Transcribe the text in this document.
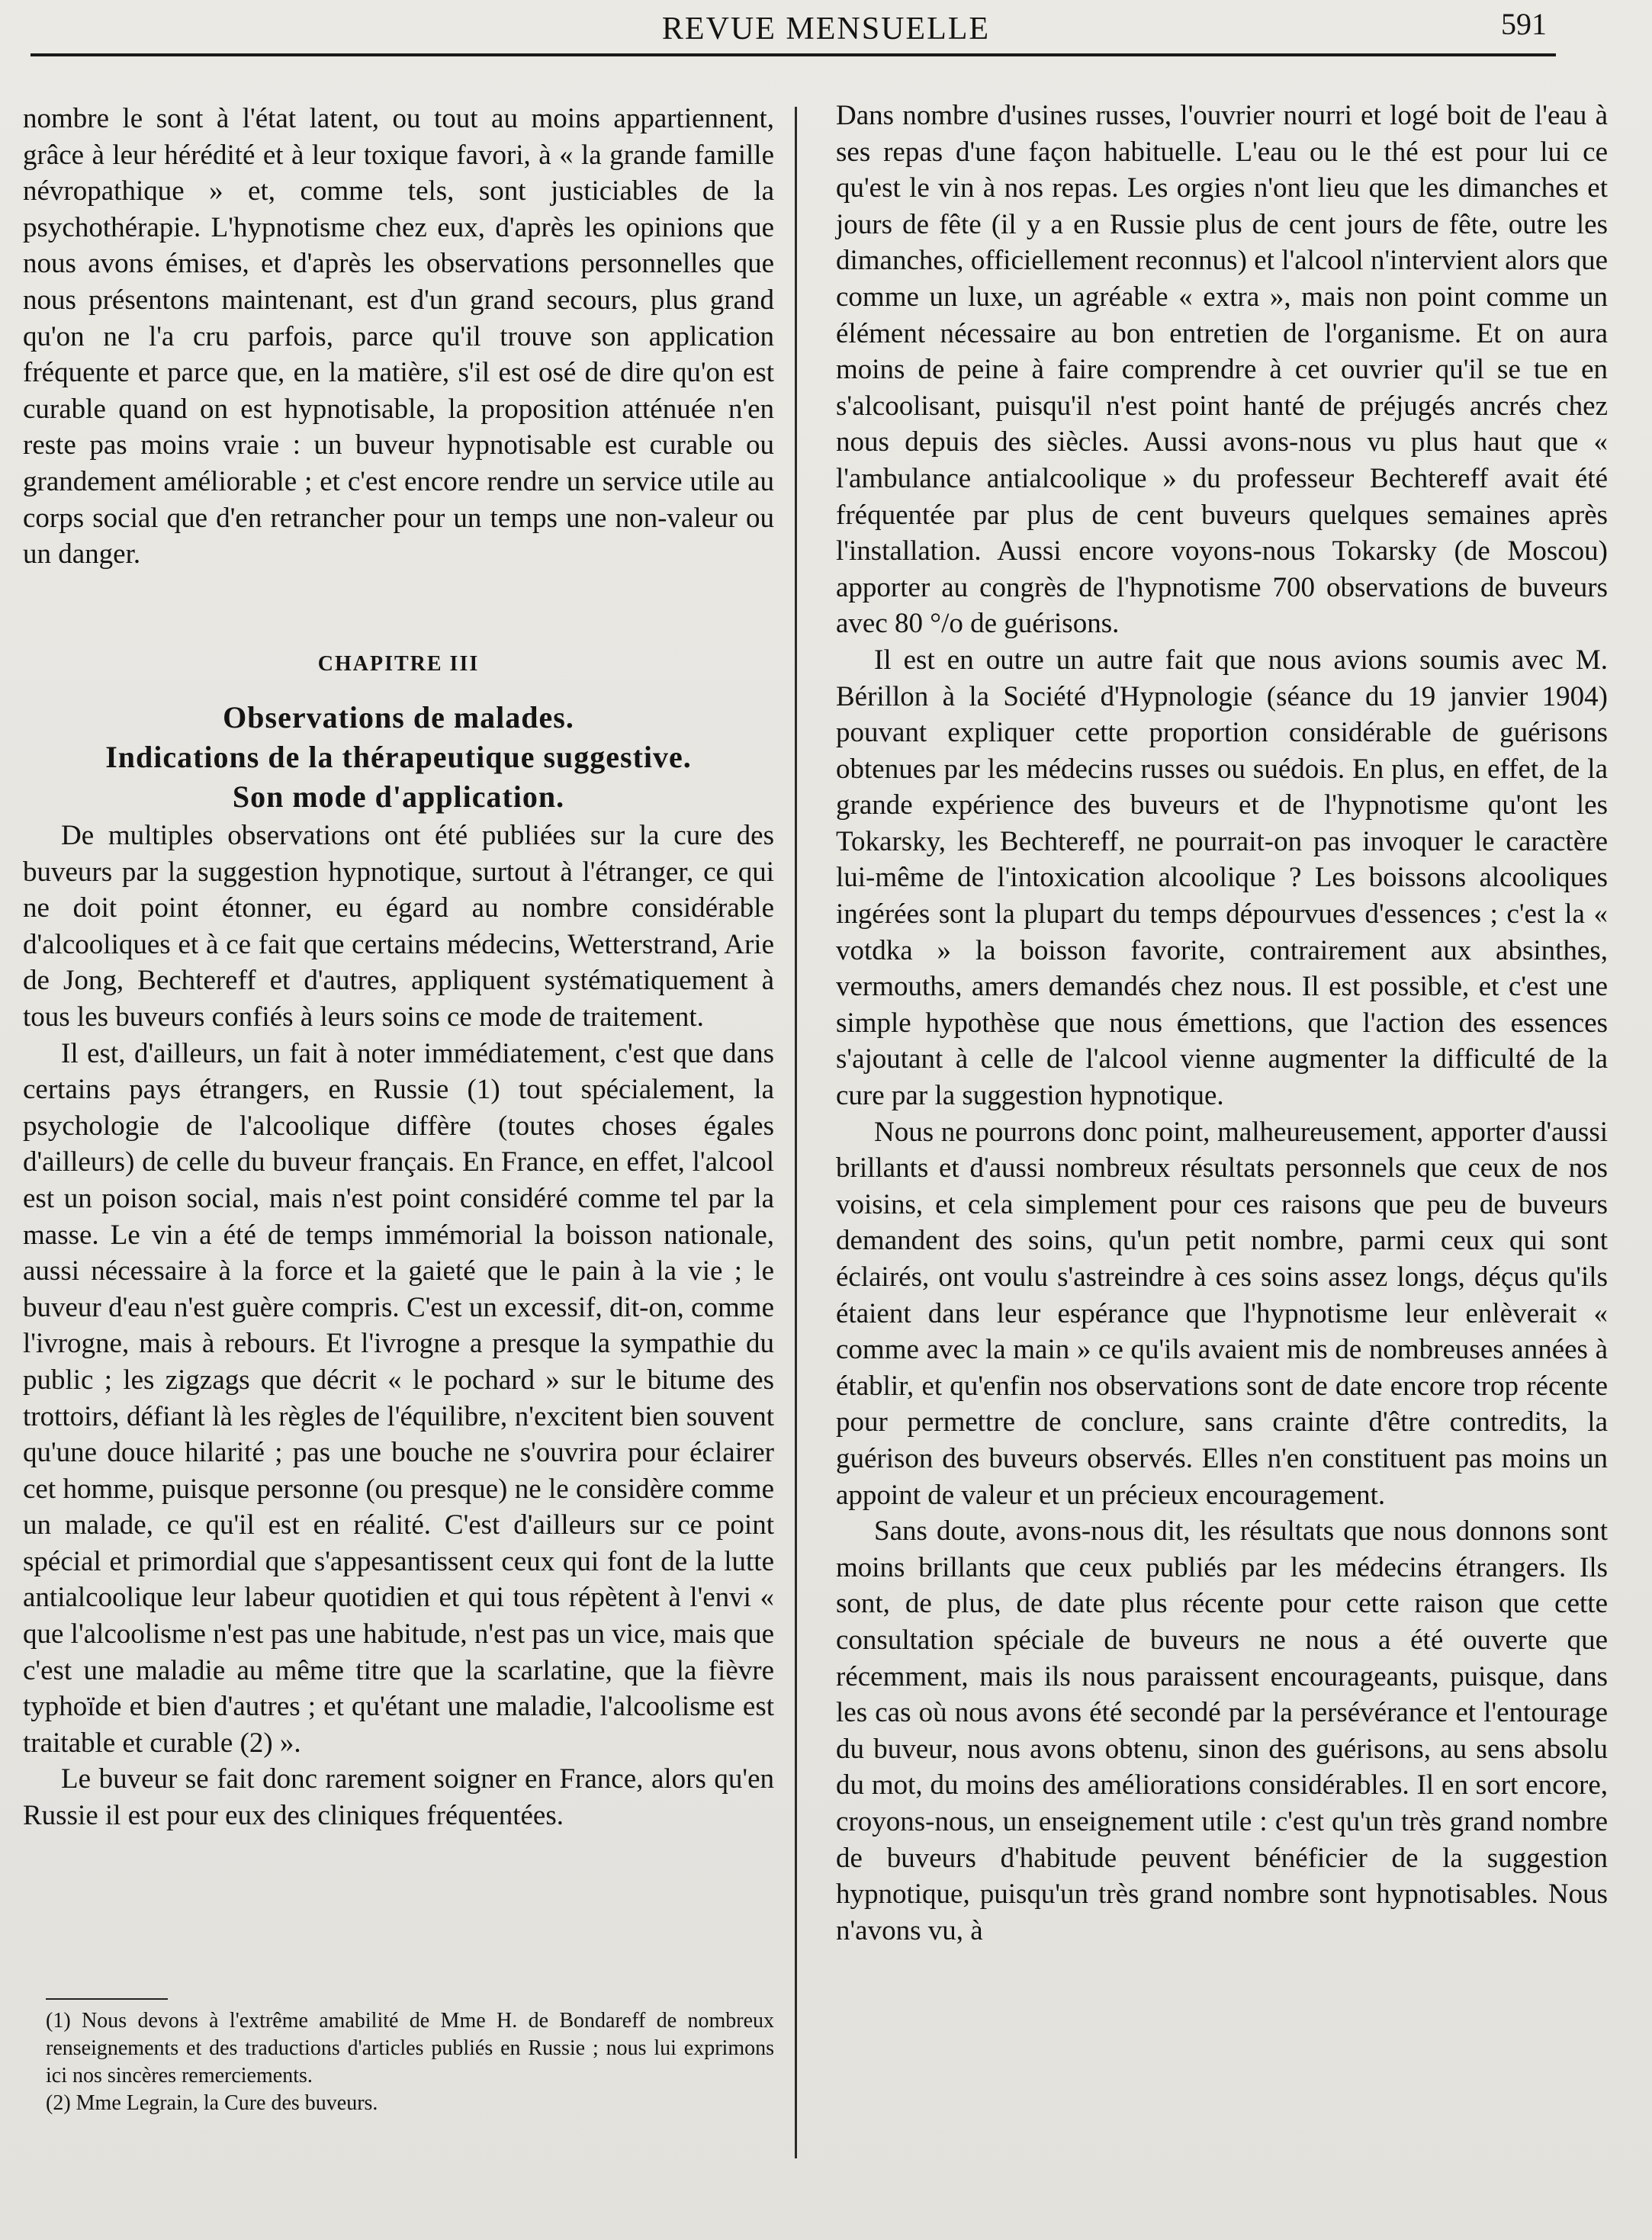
REVUE MENSUELLE	591

nombre le sont à l'état latent, ou tout au moins appartiennent, grâce à leur hérédité et à leur toxique favori, à « la grande famille névropathique » et, comme tels, sont justiciables de la psychothérapie. L'hypnotisme chez eux, d'après les opinions que nous avons émises, et d'après les observations personnelles que nous présentons maintenant, est d'un grand secours, plus grand qu'on ne l'a cru parfois, parce qu'il trouve son application fréquente et parce que, en la matière, s'il est osé de dire qu'on est curable quand on est hypnotisable, la proposition atténuée n'en reste pas moins vraie : un buveur hypnotisable est curable ou grandement améliorable ; et c'est encore rendre un service utile au corps social que d'en retrancher pour un temps une non-valeur ou un danger.

CHAPITRE III
Observations de malades.
Indications de la thérapeutique suggestive.
Son mode d'application.

De multiples observations ont été publiées sur la cure des buveurs par la suggestion hypnotique, surtout à l'étranger, ce qui ne doit point étonner, eu égard au nombre considérable d'alcooliques et à ce fait que certains médecins, Wetterstrand, Arie de Jong, Bechtereff et d'autres, appliquent systématiquement à tous les buveurs confiés à leurs soins ce mode de traitement.

Il est, d'ailleurs, un fait à noter immédiatement, c'est que dans certains pays étrangers, en Russie (1) tout spécialement, la psychologie de l'alcoolique diffère (toutes choses égales d'ailleurs) de celle du buveur français. En France, en effet, l'alcool est un poison social, mais n'est point considéré comme tel par la masse. Le vin a été de temps immémorial la boisson nationale, aussi nécessaire à la force et la gaieté que le pain à la vie ; le buveur d'eau n'est guère compris. C'est un excessif, dit-on, comme l'ivrogne, mais à rebours. Et l'ivrogne a presque la sympathie du public ; les zigzags que décrit « le pochard » sur le bitume des trottoirs, défiant là les règles de l'équilibre, n'excitent bien souvent qu'une douce hilarité ; pas une bouche ne s'ouvrira pour éclairer cet homme, puisque personne (ou presque) ne le considère comme un malade, ce qu'il est en réalité. C'est d'ailleurs sur ce point spécial et primordial que s'appesantissent ceux qui font de la lutte antialcoolique leur labeur quotidien et qui tous répètent à l'envi « que l'alcoolisme n'est pas une habitude, n'est pas un vice, mais que c'est une maladie au même titre que la scarlatine, que la fièvre typhoïde et bien d'autres ; et qu'étant une maladie, l'alcoolisme est traitable et curable (2) ».

Le buveur se fait donc rarement soigner en France, alors qu'en Russie il est pour eux des cliniques fréquentées.

Dans nombre d'usines russes, l'ouvrier nourri et logé boit de l'eau à ses repas d'une façon habituelle. L'eau ou le thé est pour lui ce qu'est le vin à nos repas. Les orgies n'ont lieu que les dimanches et jours de fête (il y a en Russie plus de cent jours de fête, outre les dimanches, officiellement reconnus) et l'alcool n'intervient alors que comme un luxe, un agréable « extra », mais non point comme un élément nécessaire au bon entretien de l'organisme. Et on aura moins de peine à faire comprendre à cet ouvrier qu'il se tue en s'alcoolisant, puisqu'il n'est point hanté de préjugés ancrés chez nous depuis des siècles. Aussi avons-nous vu plus haut que « l'ambulance antialcoolique » du professeur Bechtereff avait été fréquentée par plus de cent buveurs quelques semaines après l'installation. Aussi encore voyons-nous Tokarsky (de Moscou) apporter au congrès de l'hypnotisme 700 observations de buveurs avec 80 °/o de guérisons.

Il est en outre un autre fait que nous avions soumis avec M. Bérillon à la Société d'Hypnologie (séance du 19 janvier 1904) pouvant expliquer cette proportion considérable de guérisons obtenues par les médecins russes ou suédois. En plus, en effet, de la grande expérience des buveurs et de l'hypnotisme qu'ont les Tokarsky, les Bechtereff, ne pourrait-on pas invoquer le caractère lui-même de l'intoxication alcoolique ? Les boissons alcooliques ingérées sont la plupart du temps dépourvues d'essences ; c'est la « votdka » la boisson favorite, contrairement aux absinthes, vermouths, amers demandés chez nous. Il est possible, et c'est une simple hypothèse que nous émettions, que l'action des essences s'ajoutant à celle de l'alcool vienne augmenter la difficulté de la cure par la suggestion hypnotique.

Nous ne pourrons donc point, malheureusement, apporter d'aussi brillants et d'aussi nombreux résultats personnels que ceux de nos voisins, et cela simplement pour ces raisons que peu de buveurs demandent des soins, qu'un petit nombre, parmi ceux qui sont éclairés, ont voulu s'astreindre à ces soins assez longs, déçus qu'ils étaient dans leur espérance que l'hypnotisme leur enlèverait « comme avec la main » ce qu'ils avaient mis de nombreuses années à établir, et qu'enfin nos observations sont de date encore trop récente pour permettre de conclure, sans crainte d'être contredits, la guérison des buveurs observés. Elles n'en constituent pas moins un appoint de valeur et un précieux encouragement.

Sans doute, avons-nous dit, les résultats que nous donnons sont moins brillants que ceux publiés par les médecins étrangers. Ils sont, de plus, de date plus récente pour cette raison que cette consultation spéciale de buveurs ne nous a été ouverte que récemment, mais ils nous paraissent encourageants, puisque, dans les cas où nous avons été secondé par la persévérance et l'entourage du buveur, nous avons obtenu, sinon des guérisons, au sens absolu du mot, du moins des améliorations considérables. Il en sort encore, croyons-nous, un enseignement utile : c'est qu'un très grand nombre de buveurs d'habitude peuvent bénéficier de la suggestion hypnotique, puisqu'un très grand nombre sont hypnotisables. Nous n'avons vu, à

(1) Nous devons à l'extrême amabilité de Mme H. de Bondareff de nombreux renseignements et des traductions d'articles publiés en Russie ; nous lui exprimons ici nos sincères remerciements.

(2) Mme Legrain, la Cure des buveurs.
